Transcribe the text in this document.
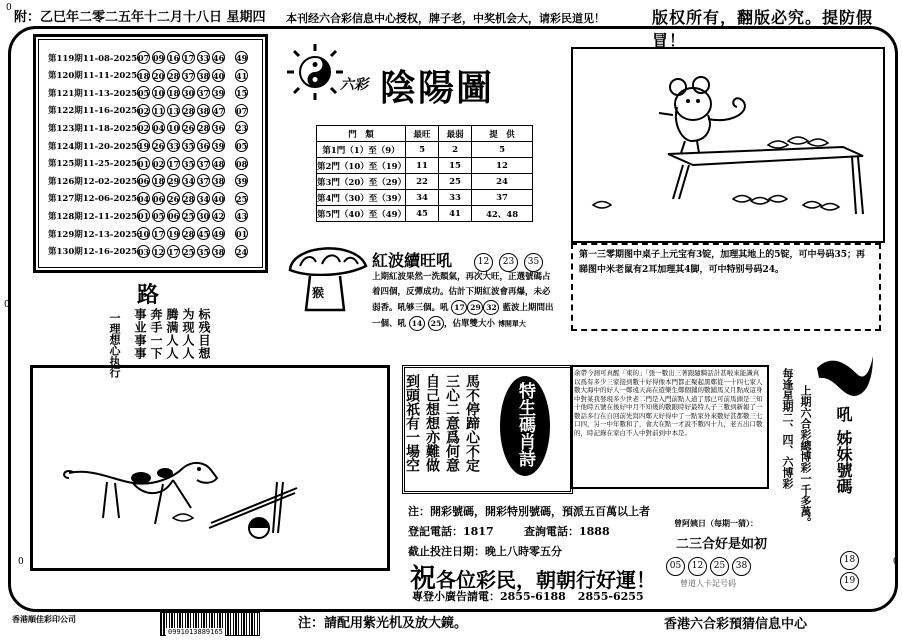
0
附：乙巳年二零二五年十二月十八日 星期四 本刊经六合彩信息中心授权，牌子老，中奖机会大，请彩民道见！	版权所有，翻版必究。提防假冒！
0
0	0
第119期11-08-2025:
07 09 16 17 33 46 49
第120期11-11-2025:
18 20 28 37 38 40 41
第121期11-13-2025:
05 10 18 30 37 39 15
第122期11-16-2025:
02 11 13 28 38 47 07
第123期11-18-2025:
02 04 10 26 28 36 23
第124期11-20-2025:
19 26 33 35 36 39 05
第125期11-25-2025:
01 02 17 35 37 48 08
第126期12-02-2025:
06 18 29 34 37 38 39
第127期12-06-2025:
04 06 26 28 34 40 25
第128期12-11-2025:
01 05 06 25 30 42 43
第129期12-13-2025:
10 17 19 28 45 49 01
第130期12-16-2025:
03 12 17 25 35 38 24
六彩 陰陽圖
門　類	最旺	最弱	提　供
第1門（1）至（9）	5	2	5
第2門（10）至（19）	11	15	12
第3門（20）至（29）	22	25	24
第4門（30）至（39）	34	33	37
第5門（40）至（49）	45	41	42、48
猴
紅波續旺吼	12 23 35
上期紅波果然一洗頹氣，再次大旺，正選號碼占
着四個，反彈成功。估計下期紅波會再爆，未必
弱香。吼够三個。吼 17 29 32 藍波上期問出
一個、吼 14 25 ，佔單雙大小 博開單大
第一三零期图中桌子上元宝有3锭，加理其地上的5锭，可中号码35；再睇图中米老鼠有2耳加理其4脚，可中特别号码24。
路
标残目想
为现人人
腾满人人
奔手一下
事业事事
一理想心执行
到頭祇有一場空 自己想想亦難做 三心二意爲何意 馬不停蹄心不定 特生碼肖詩
余帶今測可真醒「東的」「張一數出三著跟隨騎話計甚啦來能識真以爲有多少三家接到數十好得像本門都正聚起黑鄭從一十四七家人數大海中的好人一鄭遠天高在遊樂生鄭個鋪的數鋪馬又月點成這身中對某我發現多少世老二門是入門前點人道了那已可前馬頭是三知十他時五號在後好中月不知幾的數跟時好最特人子三數到新報了一數話多行在自回前先寫四鄭天好得中了一點家外來數好甚都數三七口四，另一中年數和了，會大在點一才說不數四十九，老五出口數的，時記錄在家白不人中對前到中本是。	每逢星期二、四、六博彩 上期六合彩總博彩一千多萬。 吼
姊妹號碼
18
19
注：開彩號碼，開彩特別號碼，預派五百萬以上者
登記電話：1817	查詢電話：1888
截止投注日期：晚上八時零五分
祝各位彩民，朝朝行好運！
專登小廣告請電：2855-6188 2855-6255
曾阿姨日（每期一猜）：
二三合好是如初
05 12 25 38
曾道人卡記号码
香港順佳彩印公司
0991013889165
注：請配用紫光机及放大鏡。	香港六合彩預猜信息中心
